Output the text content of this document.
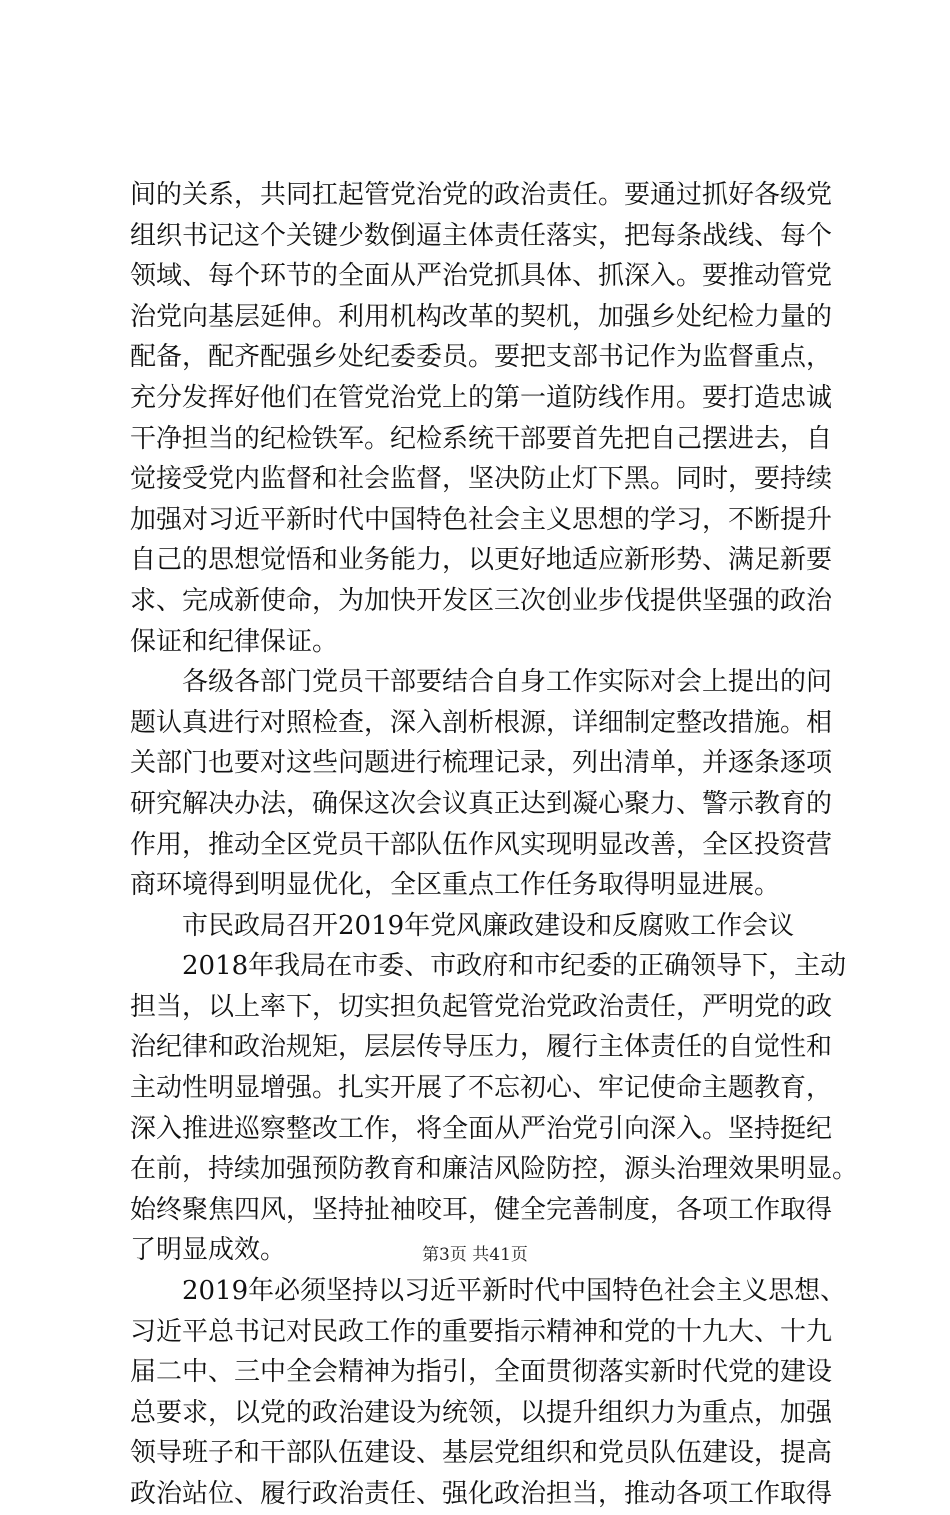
间的关系，共同扛起管党治党的政治责任。要通过抓好各级党
组织书记这个关键少数倒逼主体责任落实，把每条战线、每个
领域、每个环节的全面从严治党抓具体、抓深入。要推动管党
治党向基层延伸。利用机构改革的契机，加强乡处纪检力量的
配备，配齐配强乡处纪委委员。要把支部书记作为监督重点，
充分发挥好他们在管党治党上的第一道防线作用。要打造忠诚
干净担当的纪检铁军。纪检系统干部要首先把自己摆进去，自
觉接受党内监督和社会监督，坚决防止灯下黑。同时，要持续
加强对习近平新时代中国特色社会主义思想的学习，不断提升
自己的思想觉悟和业务能力，以更好地适应新形势、满足新要
求、完成新使命，为加快开发区三次创业步伐提供坚强的政治
保证和纪律保证。
各级各部门党员干部要结合自身工作实际对会上提出的问
题认真进行对照检查，深入剖析根源，详细制定整改措施。相
关部门也要对这些问题进行梳理记录，列出清单，并逐条逐项
研究解决办法，确保这次会议真正达到凝心聚力、警示教育的
作用，推动全区党员干部队伍作风实现明显改善，全区投资营
商环境得到明显优化，全区重点工作任务取得明显进展。
市民政局召开2019年党风廉政建设和反腐败工作会议
2018年我局在市委、市政府和市纪委的正确领导下，主动
担当，以上率下，切实担负起管党治党政治责任，严明党的政
治纪律和政治规矩，层层传导压力，履行主体责任的自觉性和
主动性明显增强。扎实开展了不忘初心、牢记使命主题教育，
深入推进巡察整改工作，将全面从严治党引向深入。坚持挺纪
在前，持续加强预防教育和廉洁风险防控，源头治理效果明显。
始终聚焦四风，坚持扯袖咬耳，健全完善制度，各项工作取得
了明显成效。
2019年必须坚持以习近平新时代中国特色社会主义思想、
习近平总书记对民政工作的重要指示精神和党的十九大、十九
届二中、三中全会精神为指引，全面贯彻落实新时代党的建设
总要求，以党的政治建设为统领，以提升组织力为重点，加强
领导班子和干部队伍建设、基层党组织和党员队伍建设，提高
政治站位、履行政治责任、强化政治担当，推动各项工作取得
第3页 共41页
